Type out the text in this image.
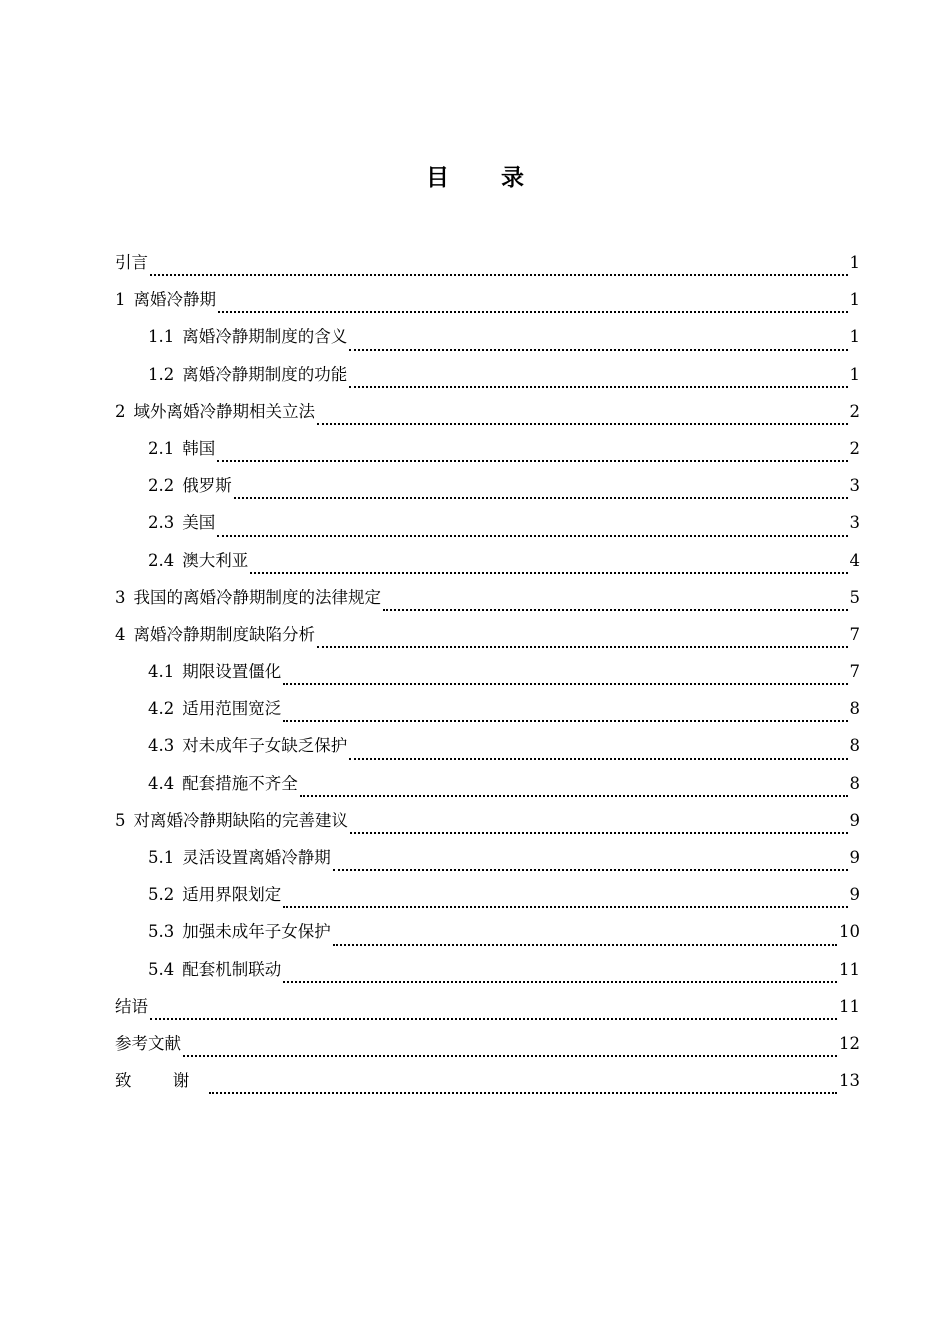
目 录
引言	1
1 离婚冷静期	1
1.1 离婚冷静期制度的含义	1
1.2 离婚冷静期制度的功能	1
2 域外离婚冷静期相关立法	2
2.1 韩国	2
2.2 俄罗斯	3
2.3 美国	3
2.4 澳大利亚	4
3 我国的离婚冷静期制度的法律规定	5
4 离婚冷静期制度缺陷分析	7
4.1 期限设置僵化	7
4.2 适用范围宽泛	8
4.3 对未成年子女缺乏保护	8
4.4 配套措施不齐全	8
5 对离婚冷静期缺陷的完善建议	9
5.1 灵活设置离婚冷静期	9
5.2 适用界限划定	9
5.3 加强未成年子女保护	10
5.4 配套机制联动	11
结语	11
参考文献	12
致 谢	13
